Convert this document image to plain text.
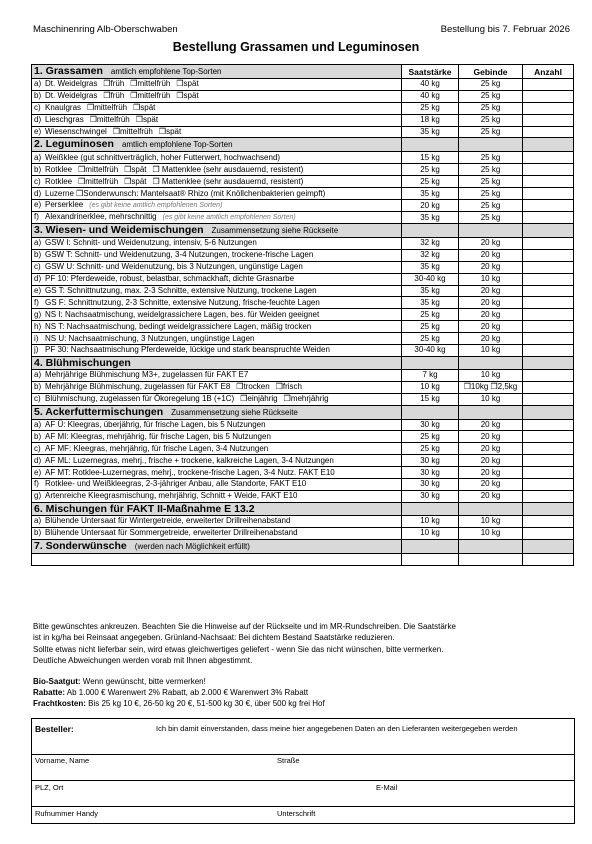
Maschinenring Alb-Oberschwaben	Bestellung bis 7. Februar 2026
Bestellung Grassamen und Leguminosen
1. Grassamen amtlich empfohlene Top-Sorten	Saatstärke	Gebinde	Anzahl
a) Dt. Weidelgras ❒früh ❒mittelfrüh ❒spät	40 kg	25 kg	
b) Dt. Weidelgras ❒früh ❒mittelfrüh ❒spät	40 kg	25 kg	
c) Knaulgras ❒mittelfrüh ❒spät	25 kg	25 kg	
d) Lieschgras ❒mittelfrüh ❒spät	18 kg	25 kg	
e) Wiesenschwingel ❒mittelfrüh ❒spät	35 kg	25 kg	
2. Leguminosen amtlich empfohlene Top-Sorten			
a) Weißklee (gut schnittverträglich, hoher Futterwert, hochwachsend)	15 kg	25 kg	
b) Rotklee ❒mittelfrüh ❒spät ❒ Mattenklee (sehr ausdauernd, resistent)	25 kg	25 kg	
c) Rotklee ❒mittelfrüh ❒spät ❒ Mattenklee (sehr ausdauernd, resistent)	25 kg	25 kg	
d) Luzerne ❒Sonderwunsch: Mantelsaat® Rhizo (mit Knöllchenbakterien geimpft)	35 kg	25 kg	
e) Perserklee (es gibt keine amtlich empfohlenen Sorten)	20 kg	25 kg	
f) Alexandrinerklee, mehrschnittig (es gibt keine amtlich empfohlenen Sorten)	35 kg	25 kg	
3. Wiesen- und Weidemischungen Zusammensetzung siehe Rückseite			
a) GSW I: Schnitt- und Weidenutzung, intensiv, 5-6 Nutzungen	32 kg	20 kg	
b) GSW T: Schnitt- und Weidenutzung, 3-4 Nutzungen, trockene-frische Lagen	32 kg	20 kg	
c) GSW U: Schnitt- und Weidenutzung, bis 3 Nutzungen, ungünstige Lagen	35 kg	20 kg	
d) PF 10: Pferdeweide, robust, belastbar, schmackhaft, dichte Grasnarbe	30-40 kg	10 kg	
e) GS T: Schnittnutzung, max. 2-3 Schnitte, extensive Nutzung, trockene Lagen	35 kg	20 kg	
f) GS F: Schnittnutzung, 2-3 Schnitte, extensive Nutzung, frische-feuchte Lagen	35 kg	20 kg	
g) NS I: Nachsaatmischung, weidelgrassichere Lagen, bes. für Weiden geeignet	25 kg	20 kg	
h) NS T: Nachsaatmischung, bedingt weidelgrassichere Lagen, mäßig trocken	25 kg	20 kg	
i) NS U: Nachsaatmischung, 3 Nutzungen, ungünstige Lagen	25 kg	20 kg	
j) PF 30: Nachsaatmischung Pferdeweide, lückige und stark beanspruchte Weiden	30-40 kg	10 kg	
4. Blühmischungen			
a) Mehrjährige Blühmischung M3+, zugelassen für FAKT E7	7 kg	10 kg	
b) Mehrjährige Blühmischung, zugelassen für FAKT E8 ❒trocken ❒frisch	10 kg	❒10kg ❒2,5kg	
c) Blühmischung, zugelassen für Ökoregelung 1B (+1C) ❒einjährig ❒mehrjährig	15 kg	10 kg	
5. Ackerfuttermischungen Zusammensetzung siehe Rückseite			
a) AF Ü: Kleegras, überjährig, für frische Lagen, bis 5 Nutzungen	30 kg	20 kg	
b) AF MI: Kleegras, mehrjährig, für frische Lagen, bis 5 Nutzungen	25 kg	20 kg	
c) AF MF: Kleegras, mehrjährig, für frische Lagen, 3-4 Nutzungen	25 kg	20 kg	
d) AF ML: Luzernegras, mehrj., frische + trockene, kalkreiche Lagen, 3-4 Nutzungen	30 kg	20 kg	
e) AF MT: Rotklee-Luzernegras, mehrj., trockene-frische Lagen, 3-4 Nutz. FAKT E10	30 kg	20 kg	
f) Rotklee- und Weißkleegras, 2-3-jähriger Anbau, alle Standorte, FAKT E10	30 kg	20 kg	
g) Artenreiche Kleegrasmischung, mehrjährig, Schnitt + Weide, FAKT E10	30 kg	20 kg	
6. Mischungen für FAKT II-Maßnahme E 13.2			
a) Blühende Untersaat für Wintergetreide, erweiterter Drillreihenabstand	10 kg	10 kg	
b) Blühende Untersaat für Sommergetreide, erweiterter Drillreihenabstand	10 kg	10 kg	
7. Sonderwünsche (werden nach Möglichkeit erfüllt)			

Bitte gewünschtes ankreuzen. Beachten Sie die Hinweise auf der Rückseite und im MR-Rundschreiben. Die Saatstärke

ist in kg/ha bei Reinsaat angegeben. Grünland-Nachsaat: Bei dichtem Bestand Saatstärke reduzieren.

Sollte etwas nicht lieferbar sein, wird etwas gleichwertiges geliefert - wenn Sie das nicht wünschen, bitte vermerken.

Deutliche Abweichungen werden vorab mit Ihnen abgestimmt.

Bio-Saatgut: Wenn gewünscht, bitte vermerken!
Rabatte: Ab 1.000 € Warenwert 2% Rabatt, ab 2.000 € Warenwert 3% Rabatt
Frachtkosten: Bis 25 kg 10 €, 26-50 kg 20 €, 51-500 kg 30 €, über 500 kg frei Hof
Besteller:	Ich bin damit einverstanden, dass meine hier angegebenen Daten an den Lieferanten weitergegeben werden
Vorname, Name	Straße
PLZ, Ort	E-Mail
Rufnummer Handy	Unterschrift
